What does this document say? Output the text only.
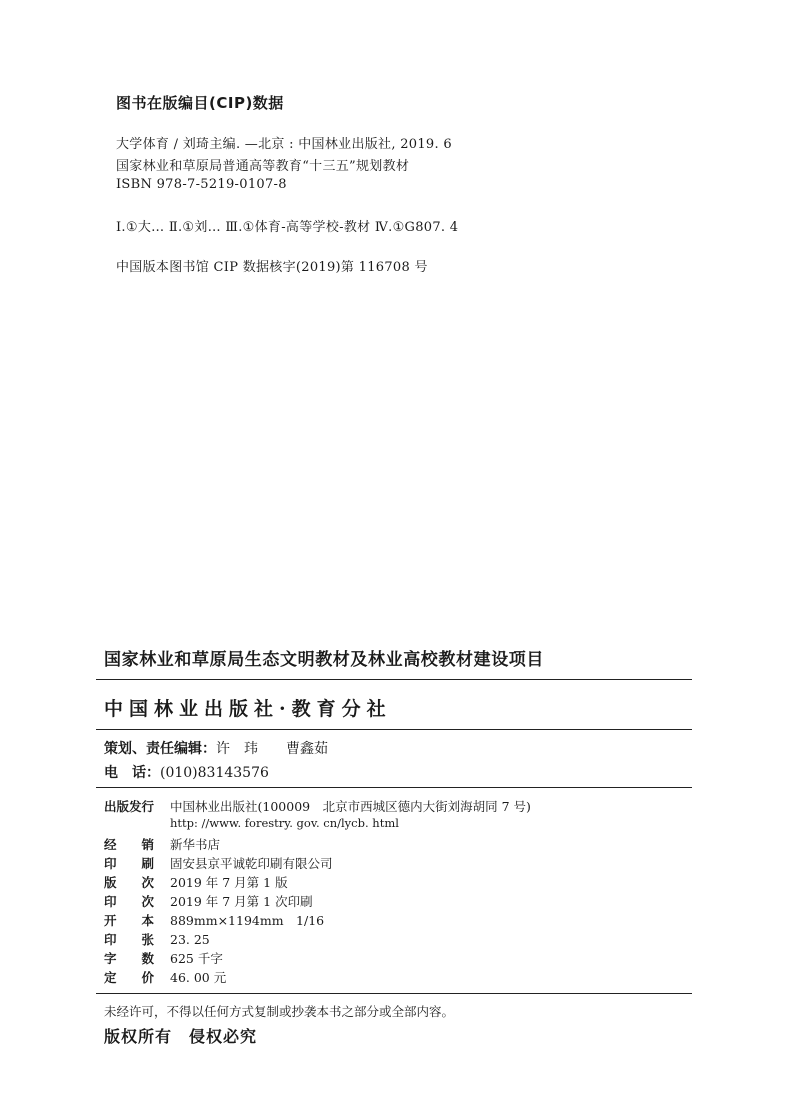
图书在版编目(CIP)数据
大学体育 / 刘琦主编. —北京 : 中国林业出版社, 2019. 6
国家林业和草原局普通高等教育“十三五”规划教材
ISBN 978-7-5219-0107-8
Ⅰ.①大… Ⅱ.①刘… Ⅲ.①体育-高等学校-教材 Ⅳ.①G807. 4
中国版本图书馆 CIP 数据核字(2019)第 116708 号
国家林业和草原局生态文明教材及林业高校教材建设项目
中国林业出版社·教育分社
策划、责任编辑：许　玮　　曹鑫茹
电　话：(010)83143576
出版发行 中国林业出版社(100009　北京市西城区德内大街刘海胡同 7 号)
http: //www. forestry. gov. cn/lycb. html
经　　销 新华书店
印　　刷 固安县京平诚乾印刷有限公司
版　　次 2019 年 7 月第 1 版
印　　次 2019 年 7 月第 1 次印刷
开　　本 889mm×1194mm　1/16
印　　张 23. 25
字　　数 625 千字
定　　价 46. 00 元
未经许可，不得以任何方式复制或抄袭本书之部分或全部内容。
版权所有　侵权必究
